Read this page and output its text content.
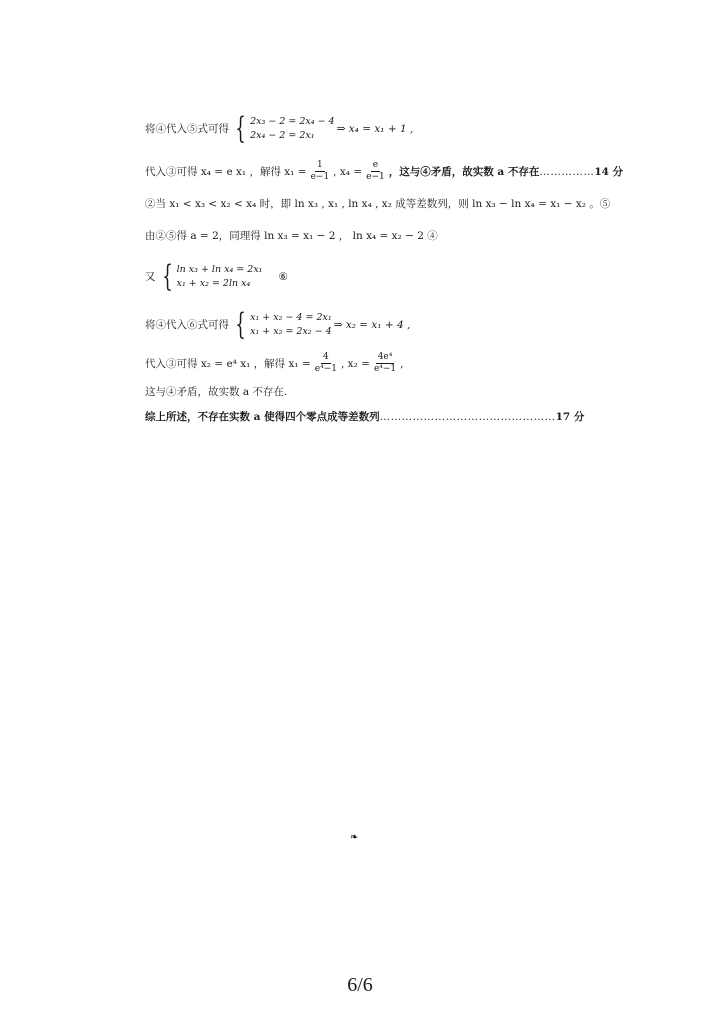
将④代入⑤式可得 { 2x₃ − 2 = 2x₄ − 4
2x₄ − 2 = 2x₁
⇒ x₄ = x₁ + 1 ,
代入③可得 x₄ = e x₁ ，解得 $x_1 = \frac{1}{e-1}$ , $x_4 = \frac{e}{e-1}$ ，这与④矛盾，故实数 a 不存在 …………… 14 分
②当 x₁ < x₃ < x₂ < x₄ 时，即 ln x₃ , x₁ , ln x₄ , x₂ 成等差数列，则 ln x₃ − ln x₄ = x₁ − x₂ 。⑤
由②⑤得 a = 2，同理得 ln x₃ = x₁ − 2 ， ln x₄ = x₂ − 2 ④
又 { ln x₃ + ln x₄ = 2x₁
x₁ + x₂ = 2ln x₄
⑥
将④代入⑥式可得 { x₁ + x₂ − 4 = 2x₁
x₁ + x₂ = 2x₂ − 4
⇒ x₂ = x₁ + 4 ,
代入③可得 x₂ = e⁴ x₁ ，解得 $x_1 = \frac{4}{\text{e⁴−1}}$ , $x_2 = \frac{\text{4e⁴}}{\text{e⁴−1}}$ ,
这与④矛盾，故实数 a 不存在.
综上所述，不存在实数 a 使得四个零点成等差数列 ………………………………………… 17 分
❧
6/6
